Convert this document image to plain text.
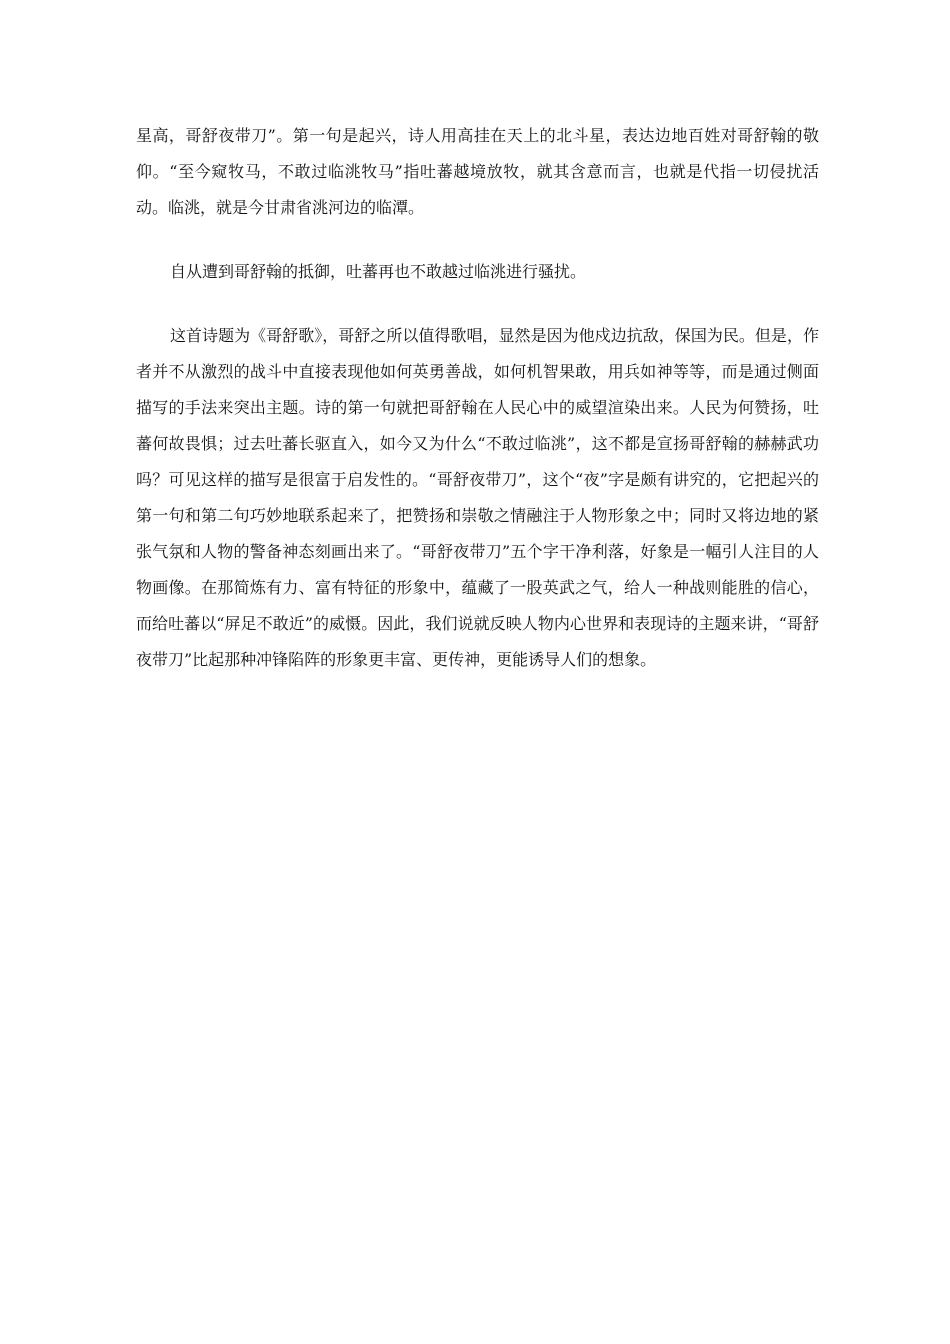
星高，哥舒夜带刀”。第一句是起兴，诗人用高挂在天上的北斗星，表达边地百姓对哥舒翰的敬仰。“至今窥牧马，不敢过临洮牧马”指吐蕃越境放牧，就其含意而言，也就是代指一切侵扰活动。临洮，就是今甘肃省洮河边的临潭。

自从遭到哥舒翰的抵御，吐蕃再也不敢越过临洮进行骚扰。

这首诗题为《哥舒歌》，哥舒之所以值得歌唱，显然是因为他戍边抗敌，保国为民。但是，作者并不从激烈的战斗中直接表现他如何英勇善战，如何机智果敢，用兵如神等等，而是通过侧面描写的手法来突出主题。诗的第一句就把哥舒翰在人民心中的威望渲染出来。人民为何赞扬，吐蕃何故畏惧；过去吐蕃长驱直入，如今又为什么“不敢过临洮”，这不都是宣扬哥舒翰的赫赫武功吗？可见这样的描写是很富于启发性的。“哥舒夜带刀”，这个“夜”字是颇有讲究的，它把起兴的第一句和第二句巧妙地联系起来了，把赞扬和崇敬之情融注于人物形象之中；同时又将边地的紧张气氛和人物的警备神态刻画出来了。“哥舒夜带刀”五个字干净利落，好象是一幅引人注目的人物画像。在那简炼有力、富有特征的形象中，蕴藏了一股英武之气，给人一种战则能胜的信心，而给吐蕃以“屏足不敢近”的威慑。因此，我们说就反映人物内心世界和表现诗的主题来讲，“哥舒夜带刀”比起那种冲锋陷阵的形象更丰富、更传神，更能诱导人们的想象。
